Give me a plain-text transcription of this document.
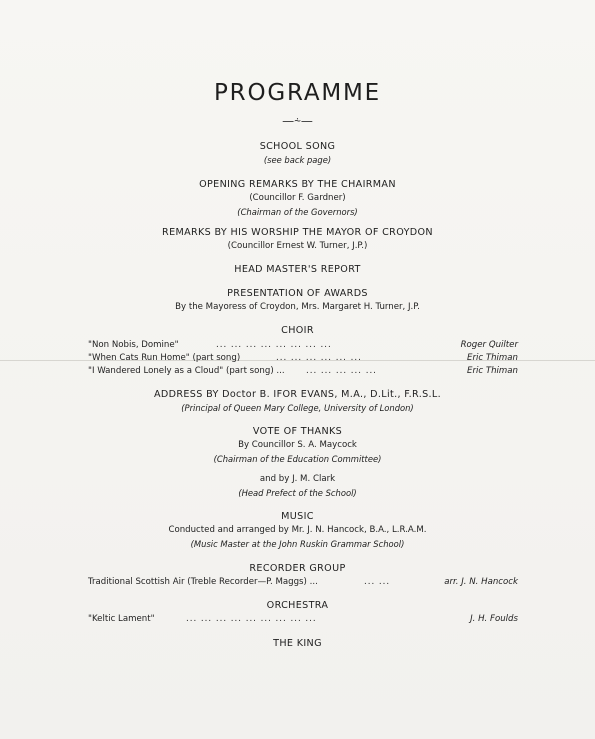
PROGRAMME
—⸞—
SCHOOL SONG
(see back page)
OPENING REMARKS BY THE CHAIRMAN
(Councillor F. Gardner)
(Chairman of the Governors)
REMARKS BY HIS WORSHIP THE MAYOR OF CROYDON
(Councillor Ernest W. Turner, J.P.)
HEAD MASTER'S REPORT
PRESENTATION OF AWARDS
By the Mayoress of Croydon, Mrs. Margaret H. Turner, J.P.
CHOIR
"Non Nobis, Domine"	... ... ... ... ... ... ... ...	Roger Quilter
"When Cats Run Home" (part song)	... ... ... ... ... ...	Eric Thiman
"I Wandered Lonely as a Cloud" (part song) ... ... ... ... ... ...	Eric Thiman
ADDRESS BY Doctor B. IFOR EVANS, M.A., D.Lit., F.R.S.L.
(Principal of Queen Mary College, University of London)
VOTE OF THANKS
By Councillor S. A. Maycock
(Chairman of the Education Committee)
and by J. M. Clark
(Head Prefect of the School)
MUSIC
Conducted and arranged by Mr. J. N. Hancock, B.A., L.R.A.M.
(Music Master at the John Ruskin Grammar School)
RECORDER GROUP
Traditional Scottish Air (Treble Recorder—P. Maggs) ...	... ...	arr. J. N. Hancock
ORCHESTRA
"Keltic Lament"	... ... ... ... ... ... ... ... ...	J. H. Foulds
THE KING
